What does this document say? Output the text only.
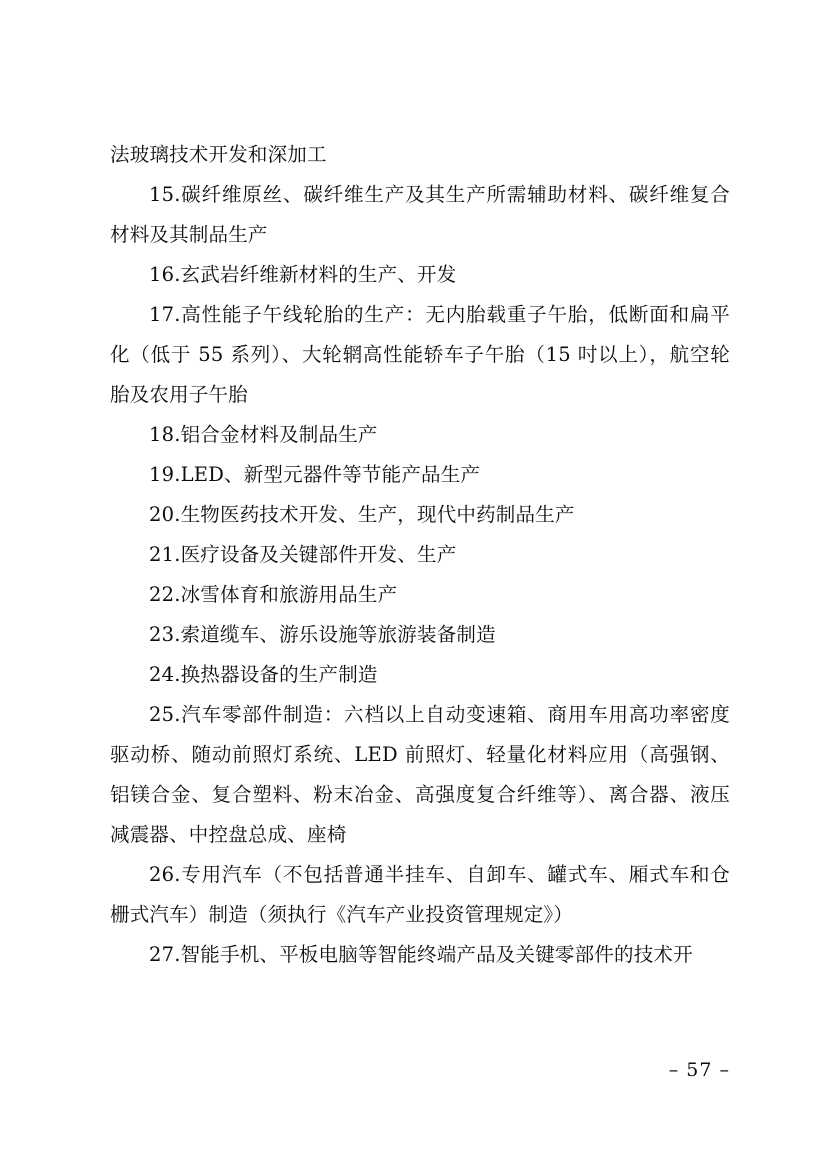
法玻璃技术开发和深加工

15.碳纤维原丝、碳纤维生产及其生产所需辅助材料、碳纤维复合材料及其制品生产

16.玄武岩纤维新材料的生产、开发

17.高性能子午线轮胎的生产：无内胎载重子午胎，低断面和扁平化（低于 55 系列）、大轮辋高性能轿车子午胎（15 吋以上），航空轮胎及农用子午胎

18.铝合金材料及制品生产

19.LED、新型元器件等节能产品生产

20.生物医药技术开发、生产，现代中药制品生产

21.医疗设备及关键部件开发、生产

22.冰雪体育和旅游用品生产

23.索道缆车、游乐设施等旅游装备制造

24.换热器设备的生产制造

25.汽车零部件制造：六档以上自动变速箱、商用车用高功率密度驱动桥、随动前照灯系统、LED 前照灯、轻量化材料应用（高强钢、铝镁合金、复合塑料、粉末冶金、高强度复合纤维等）、离合器、液压减震器、中控盘总成、座椅

26.专用汽车（不包括普通半挂车、自卸车、罐式车、厢式车和仓栅式汽车）制造（须执行《汽车产业投资管理规定》）

27.智能手机、平板电脑等智能终端产品及关键零部件的技术开

– 57 –
